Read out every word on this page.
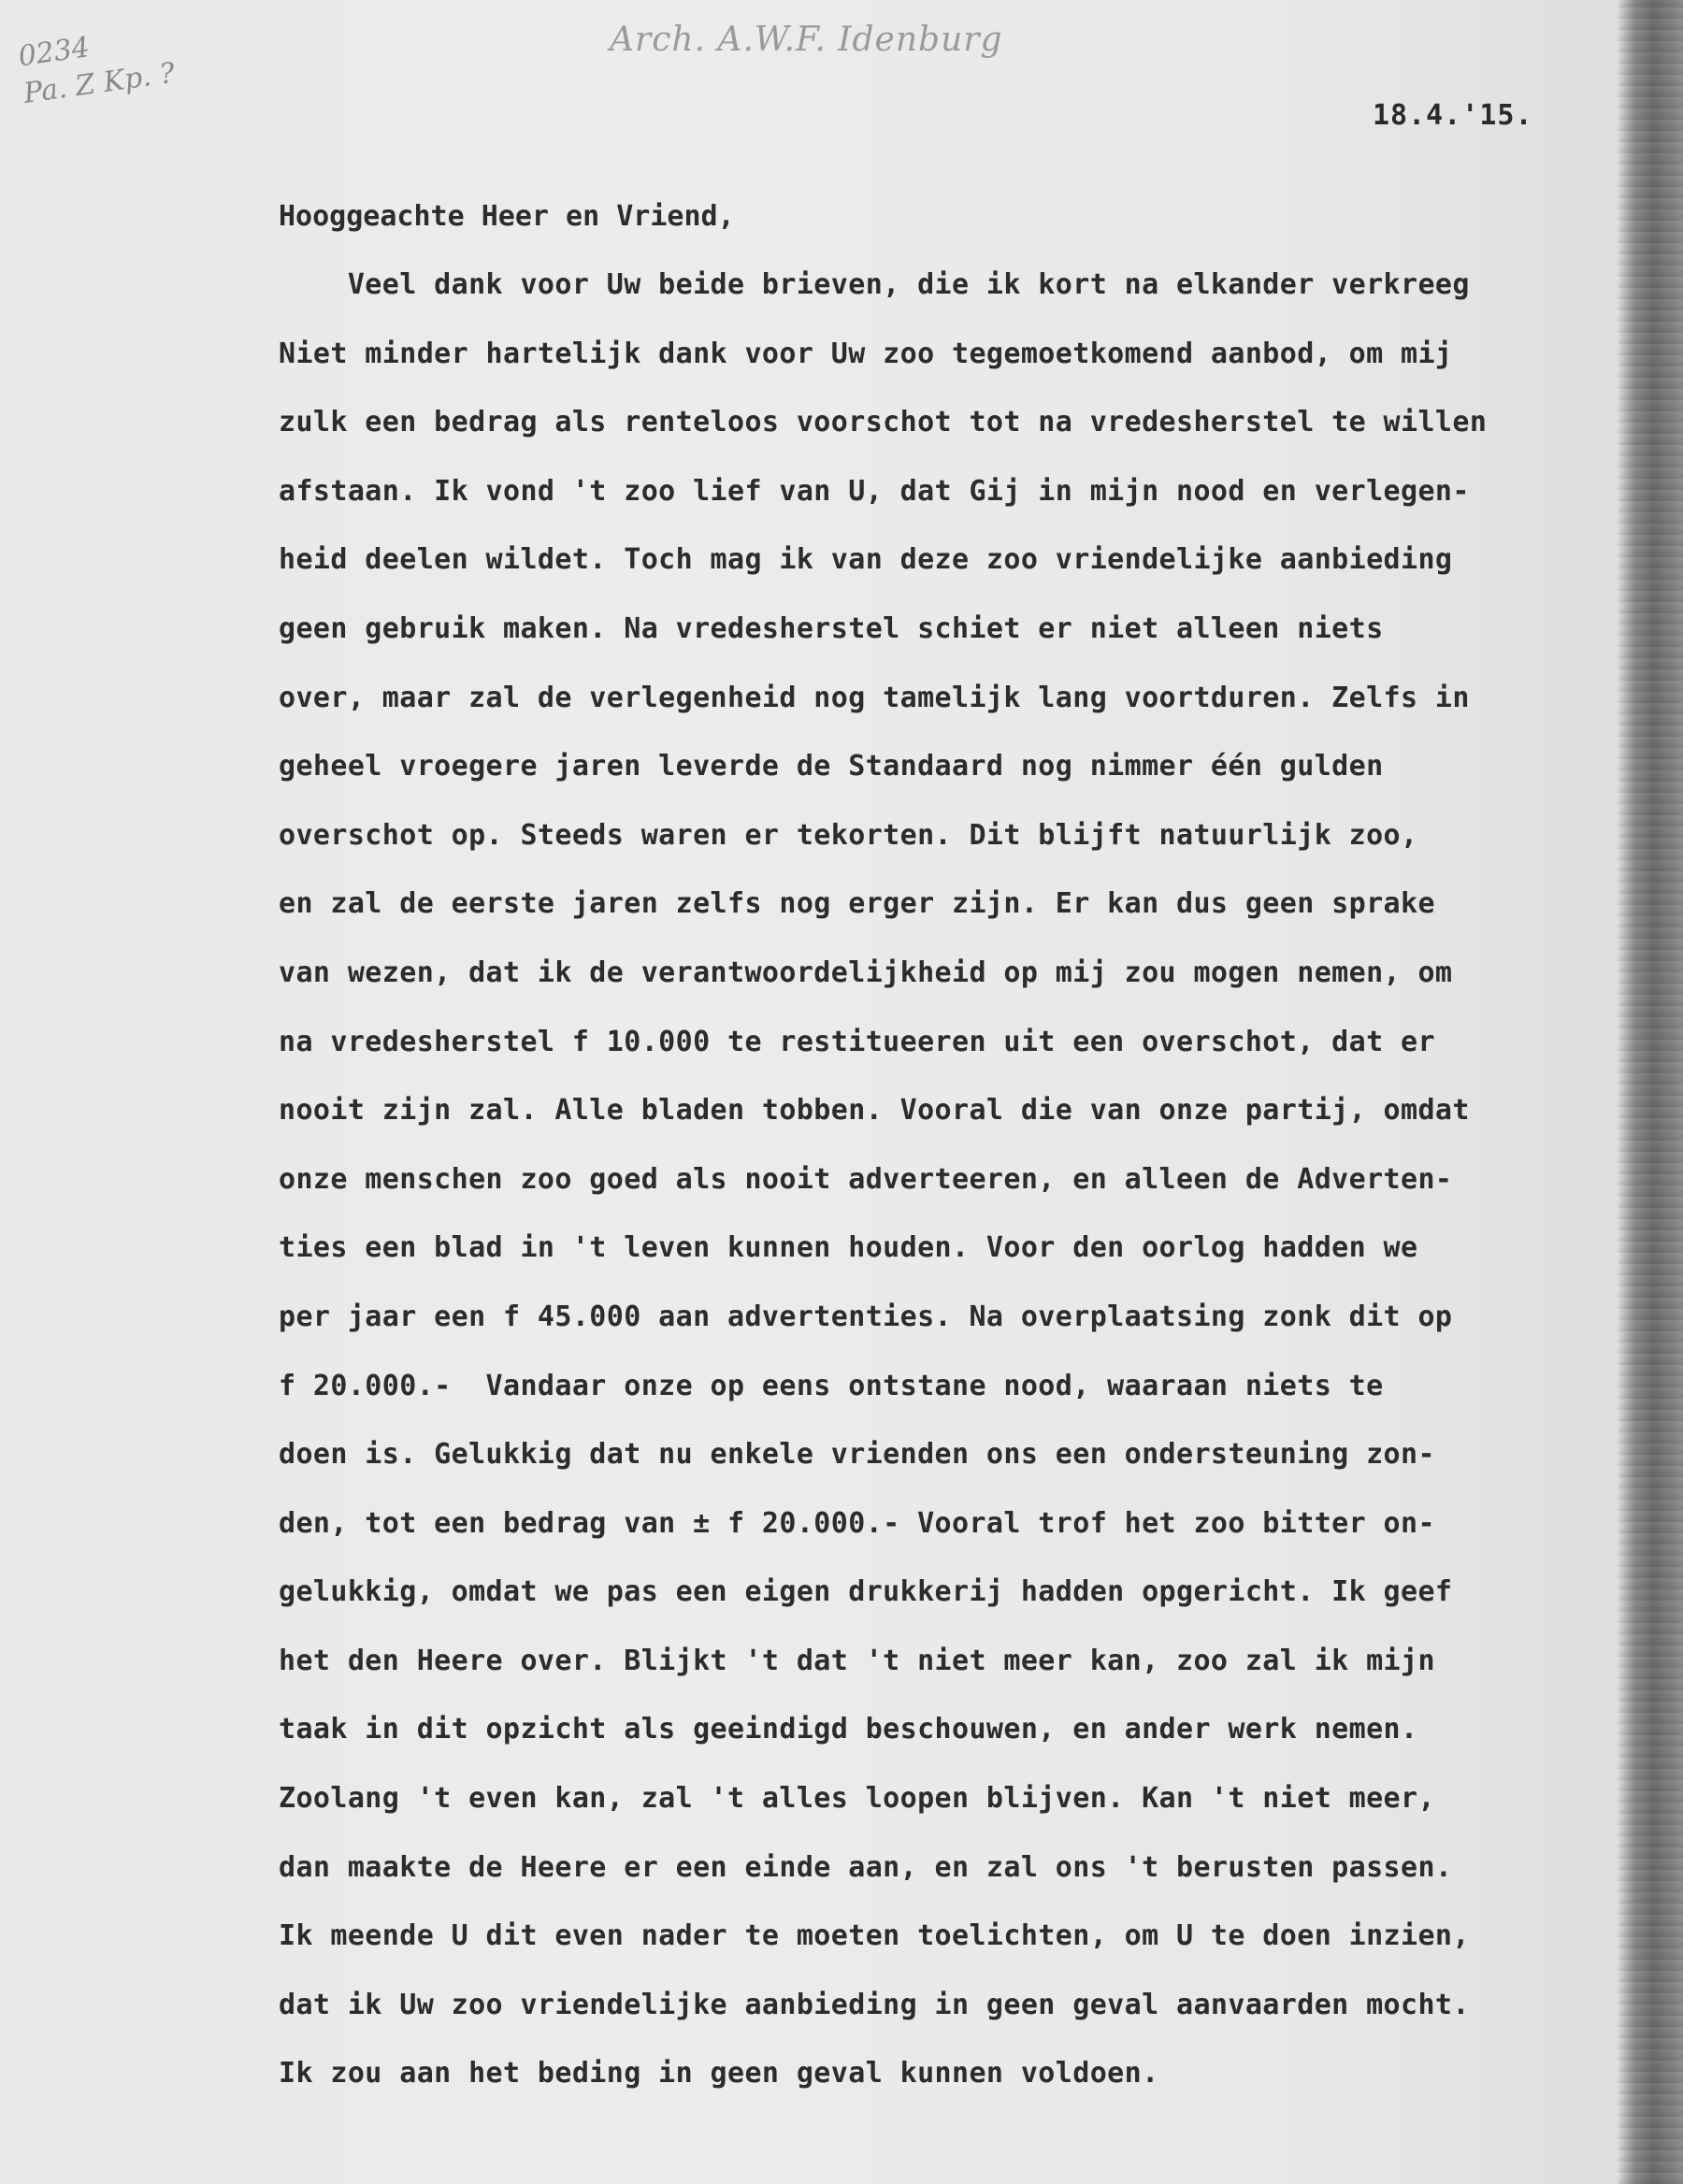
0234
Pa. Z Kp. ?
Arch. A.W.F. Idenburg
18.4.'15.
Hooggeachte Heer en Vriend,
Veel dank voor Uw beide brieven, die ik kort na elkander verkreeg
Niet minder hartelijk dank voor Uw zoo tegemoetkomend aanbod, om mij
zulk een bedrag als renteloos voorschot tot na vredesherstel te willen
afstaan. Ik vond 't zoo lief van U, dat Gij in mijn nood en verlegen-
heid deelen wildet. Toch mag ik van deze zoo vriendelijke aanbieding
geen gebruik maken. Na vredesherstel schiet er niet alleen niets
over, maar zal de verlegenheid nog tamelijk lang voortduren. Zelfs in
geheel vroegere jaren leverde de Standaard nog nimmer één gulden
overschot op. Steeds waren er tekorten. Dit blijft natuurlijk zoo,
en zal de eerste jaren zelfs nog erger zijn. Er kan dus geen sprake
van wezen, dat ik de verantwoordelijkheid op mij zou mogen nemen, om
na vredesherstel f 10.000 te restitueeren uit een overschot, dat er
nooit zijn zal. Alle bladen tobben. Vooral die van onze partij, omdat
onze menschen zoo goed als nooit adverteeren, en alleen de Adverten-
ties een blad in 't leven kunnen houden. Voor den oorlog hadden we
per jaar een f 45.000 aan advertenties. Na overplaatsing zonk dit op
f 20.000.-  Vandaar onze op eens ontstane nood, waaraan niets te
doen is. Gelukkig dat nu enkele vrienden ons een ondersteuning zon-
den, tot een bedrag van ± f 20.000.- Vooral trof het zoo bitter on-
gelukkig, omdat we pas een eigen drukkerij hadden opgericht. Ik geef
het den Heere over. Blijkt 't dat 't niet meer kan, zoo zal ik mijn
taak in dit opzicht als geeindigd beschouwen, en ander werk nemen.
Zoolang 't even kan, zal 't alles loopen blijven. Kan 't niet meer,
dan maakte de Heere er een einde aan, en zal ons 't berusten passen.
Ik meende U dit even nader te moeten toelichten, om U te doen inzien,
dat ik Uw zoo vriendelijke aanbieding in geen geval aanvaarden mocht.
Ik zou aan het beding in geen geval kunnen voldoen.
